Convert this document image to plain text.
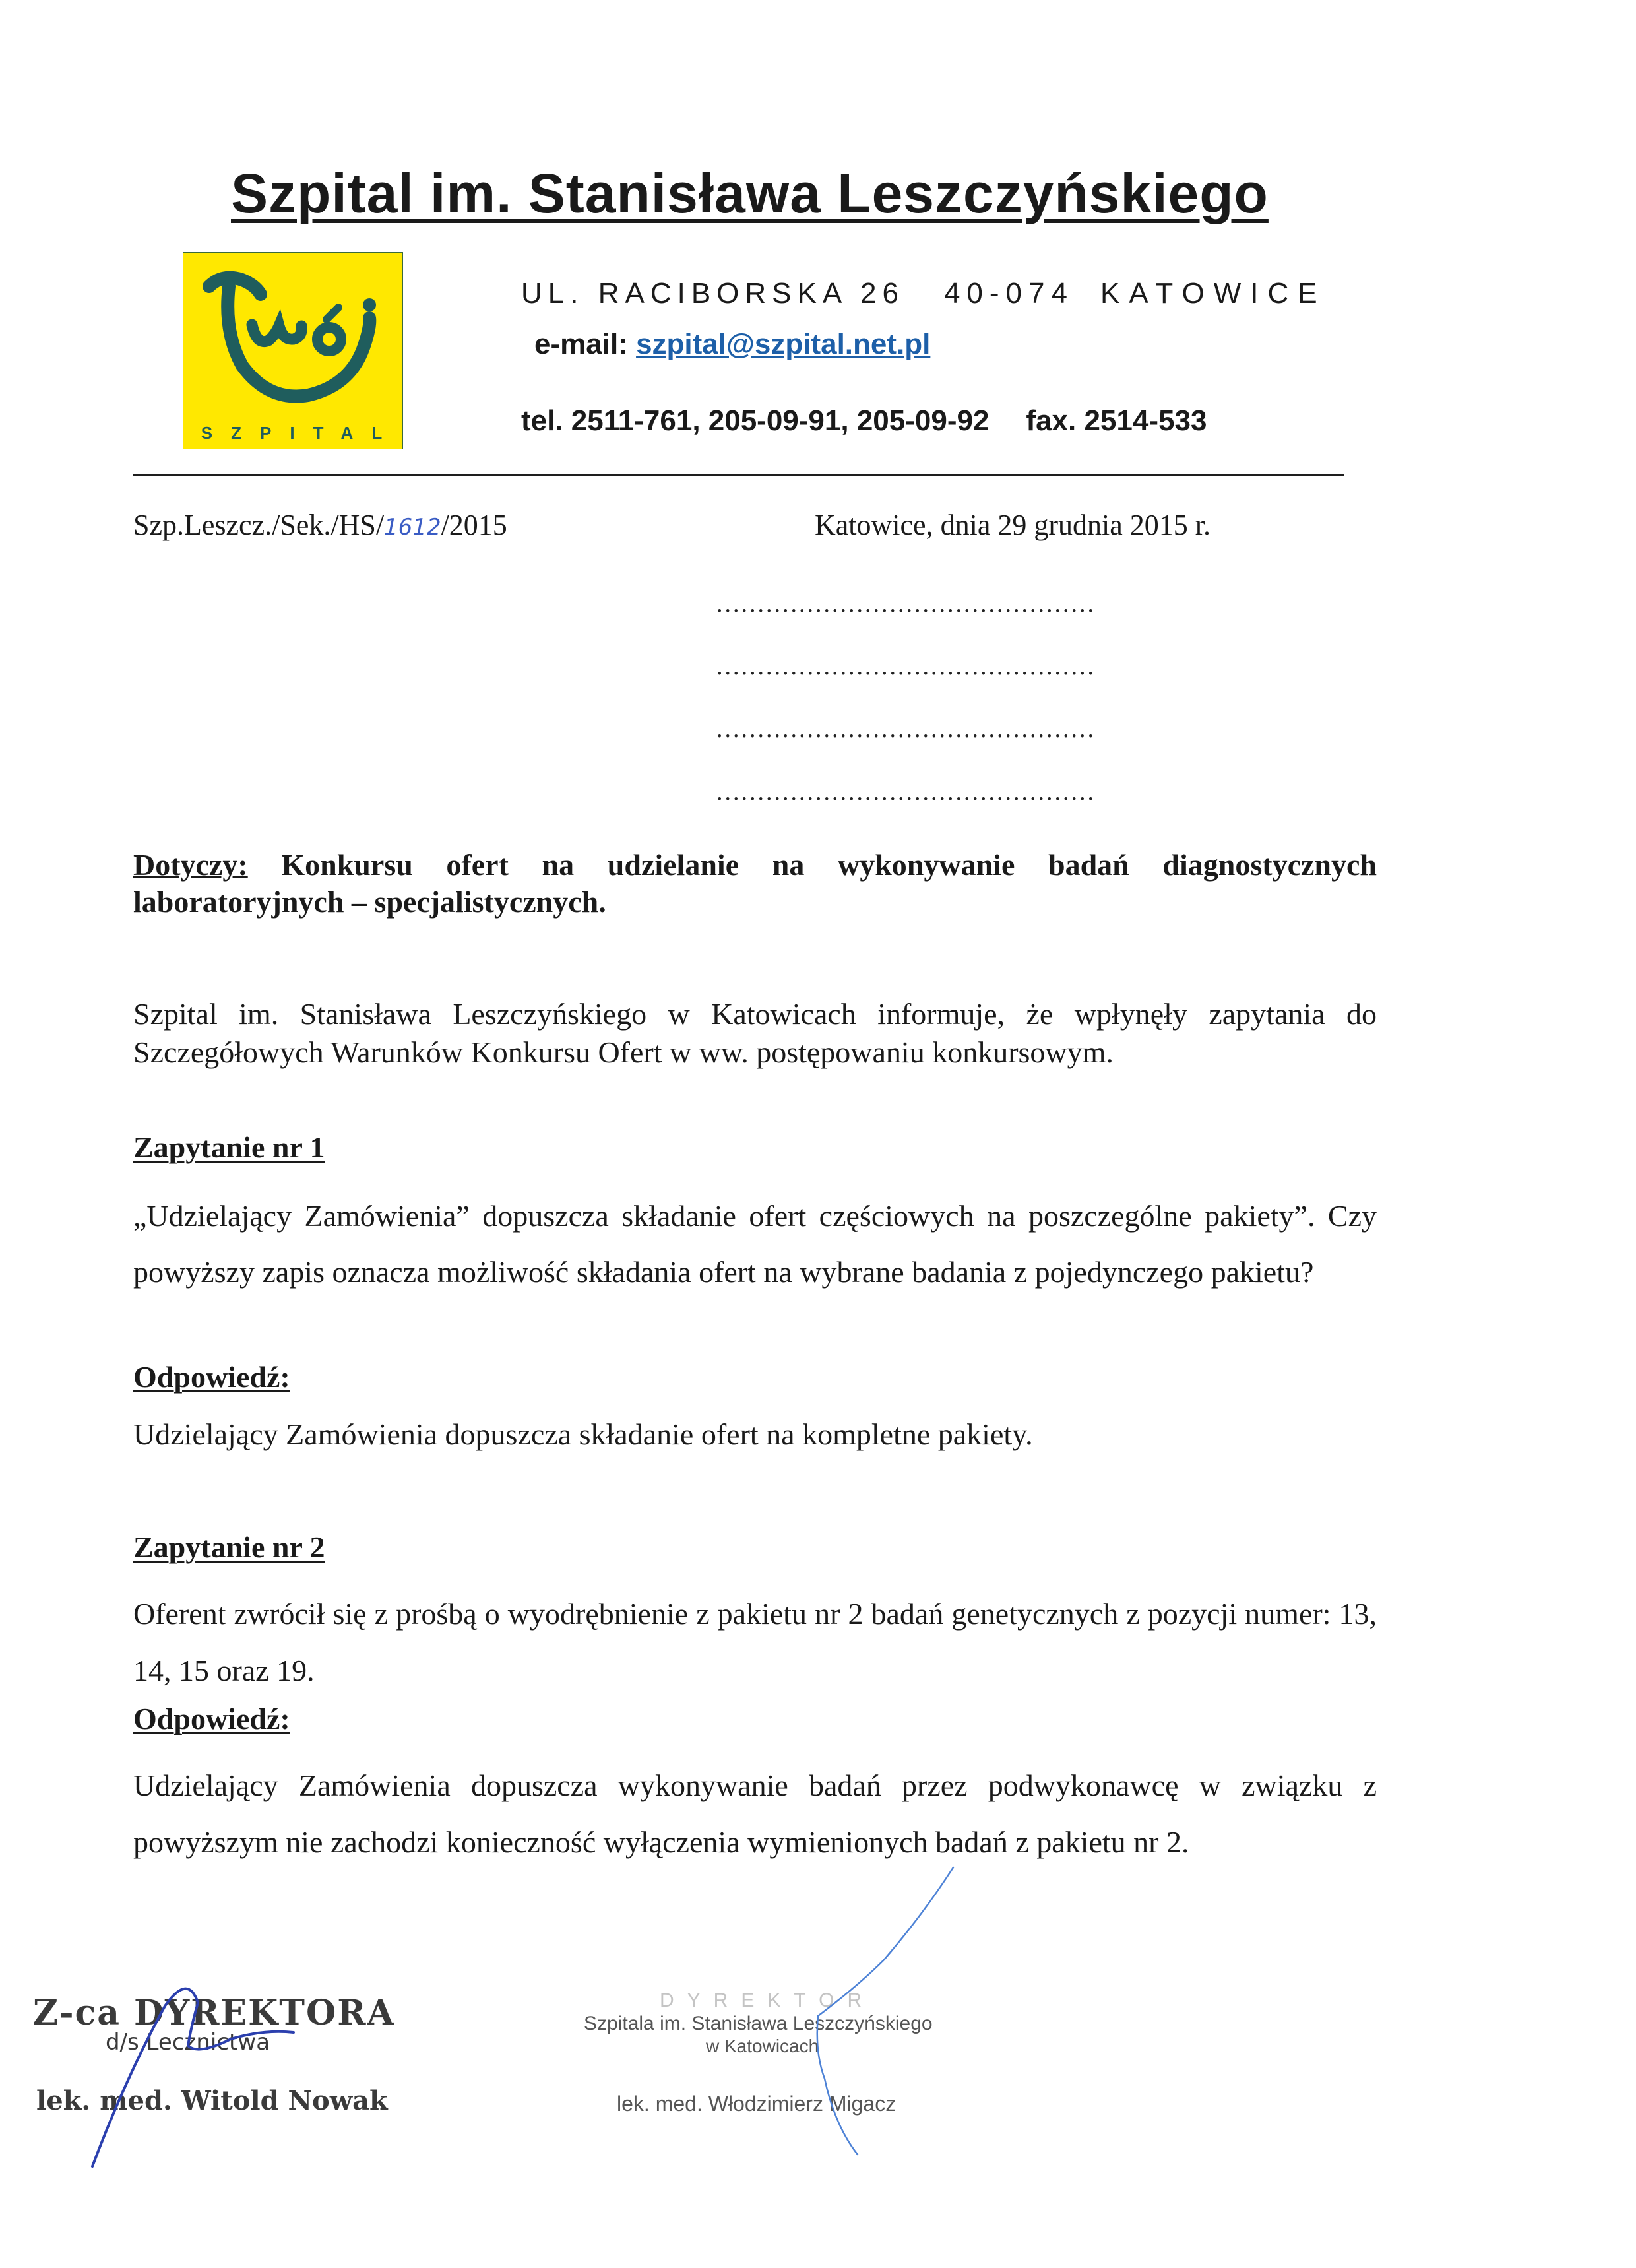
Szpital im. Stanisława Leszczyńskiego
SZPITAL
UL. RACIBORSKA 26 40-074 KATOWICE
e-mail: szpital@szpital.net.pl
tel. 2511-761, 205-09-91, 205-09-92 fax. 2514-533
Szp.Leszcz./Sek./HS/1612/2015	Katowice, dnia 29 grudnia 2015 r.
..............................................
..............................................
..............................................
..............................................
Dotyczy: Konkursu ofert na udzielanie na wykonywanie badań diagnostycznych laboratoryjnych – specjalistycznych.
Szpital im. Stanisława Leszczyńskiego w Katowicach informuje, że wpłynęły zapytania do Szczegółowych Warunków Konkursu Ofert w ww. postępowaniu konkursowym.
Zapytanie nr 1
„Udzielający Zamówienia” dopuszcza składanie ofert częściowych na poszczególne pakiety”. Czy powyższy zapis oznacza możliwość składania ofert na wybrane badania z pojedynczego pakietu?
Odpowiedź:
Udzielający Zamówienia dopuszcza składanie ofert na kompletne pakiety.
Zapytanie nr 2
Oferent zwrócił się z prośbą o wyodrębnienie z pakietu nr 2 badań genetycznych z pozycji numer: 13, 14, 15 oraz 19.
Odpowiedź:
Udzielający Zamówienia dopuszcza wykonywanie badań przez podwykonawcę w związku z powyższym nie zachodzi konieczność wyłączenia wymienionych badań z pakietu nr 2.
Z-ca DYREKTORA
d/s Lecznictwa
lek. med. Witold Nowak
DYREKTOR
Szpitala im. Stanisława Leszczyńskiego
w Katowicach
lek. med. Włodzimierz Migacz
